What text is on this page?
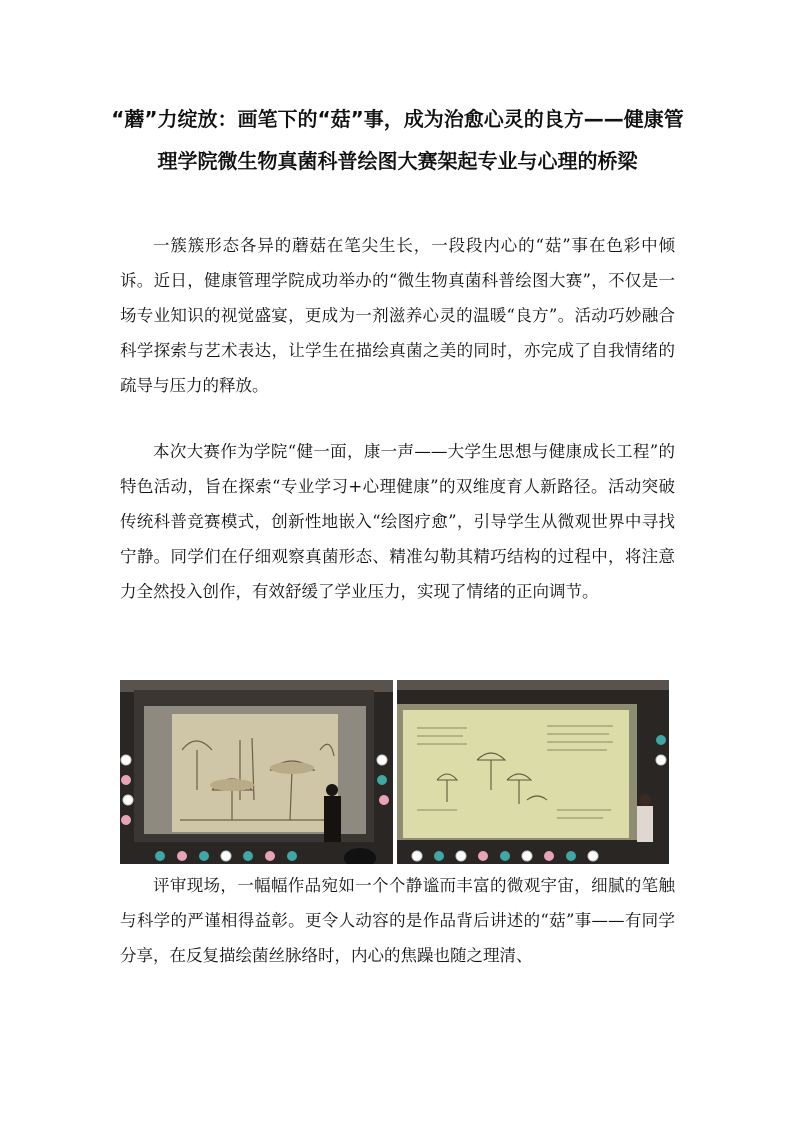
“蘑”力绽放：画笔下的“菇”事，成为治愈心灵的良方——健康管理学院微生物真菌科普绘图大赛架起专业与心理的桥梁

一簇簇形态各异的蘑菇在笔尖生长，一段段内心的“菇”事在色彩中倾诉。近日，健康管理学院成功举办的“微生物真菌科普绘图大赛”，不仅是一场专业知识的视觉盛宴，更成为一剂滋养心灵的温暖“良方”。活动巧妙融合科学探索与艺术表达，让学生在描绘真菌之美的同时，亦完成了自我情绪的疏导与压力的释放。

本次大赛作为学院“健一面，康一声——大学生思想与健康成长工程”的特色活动，旨在探索“专业学习+心理健康”的双维度育人新路径。活动突破传统科普竞赛模式，创新性地嵌入“绘图疗愈”，引导学生从微观世界中寻找宁静。同学们在仔细观察真菌形态、精准勾勒其精巧结构的过程中，将注意力全然投入创作，有效舒缓了学业压力，实现了情绪的正向调节。

评审现场，一幅幅作品宛如一个个静谧而丰富的微观宇宙，细腻的笔触与科学的严谨相得益彰。更令人动容的是作品背后讲述的“菇”事——有同学分享，在反复描绘菌丝脉络时，内心的焦躁也随之理清、
